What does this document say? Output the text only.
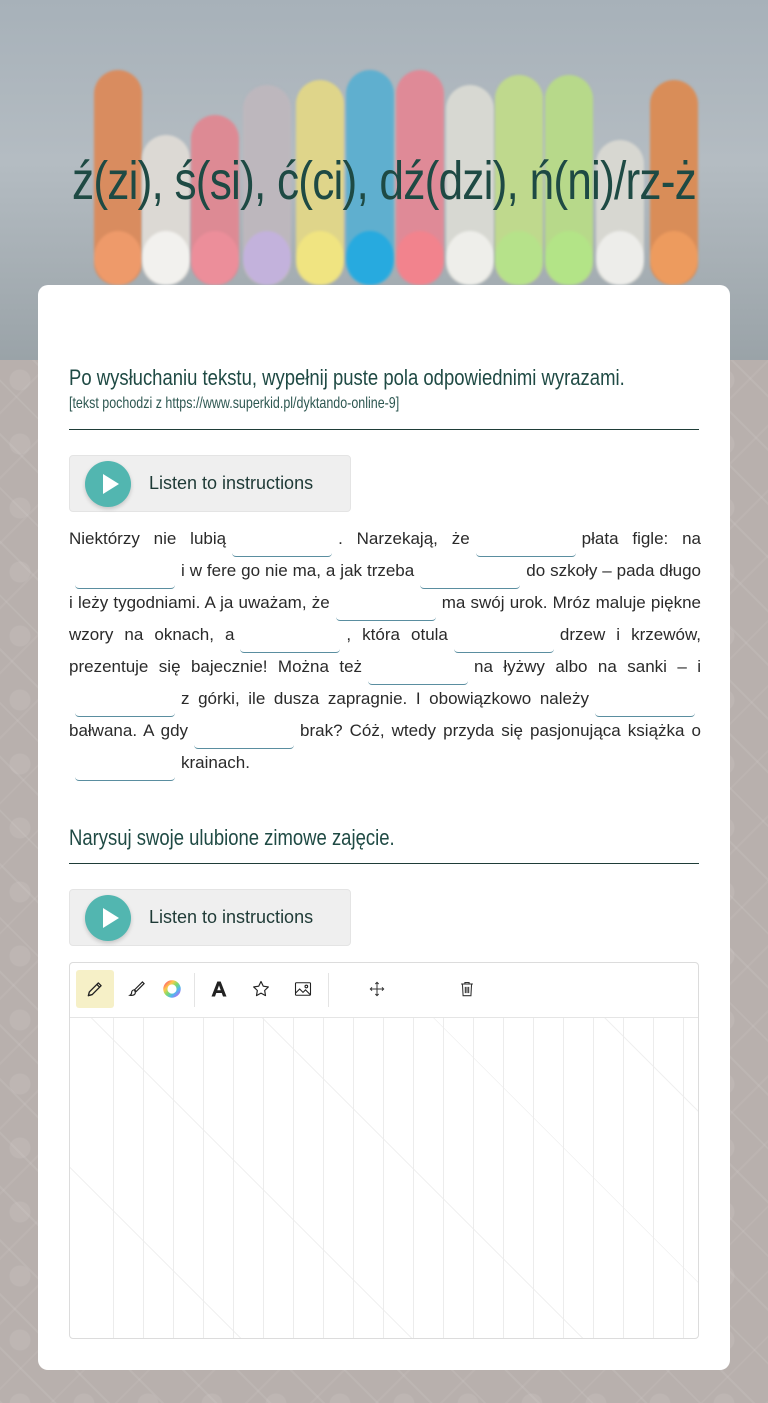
ź(zi), ś(si), ć(ci), dź(dzi), ń(ni)/rz-ż
Po wysłuchaniu tekstu, wypełnij puste pola odpowiednimi wyrazami.
[tekst pochodzi z https://www.superkid.pl/dyktando-online-9]
Listen to instructions
Niektórzy nie lubią	. Narzekają, że	płata figle: na i w fere go nie ma, a jak trzeba	do szkoły – pada długo i leży tygodniami. A ja uważam, że	ma swój urok. Mróz maluje piękne wzory na oknach, a	, która otula	drzew i krzewów, prezentuje się bajecznie! Można też	na łyżwy albo na sanki – iz górki, ile dusza zapragnie. I obowiązkowo należybałwana. A gdy	brak? Cóż, wtedy przyda się pasjonująca książka okrainach.
Narysuj swoje ulubione zimowe zajęcie.
Listen to instructions
